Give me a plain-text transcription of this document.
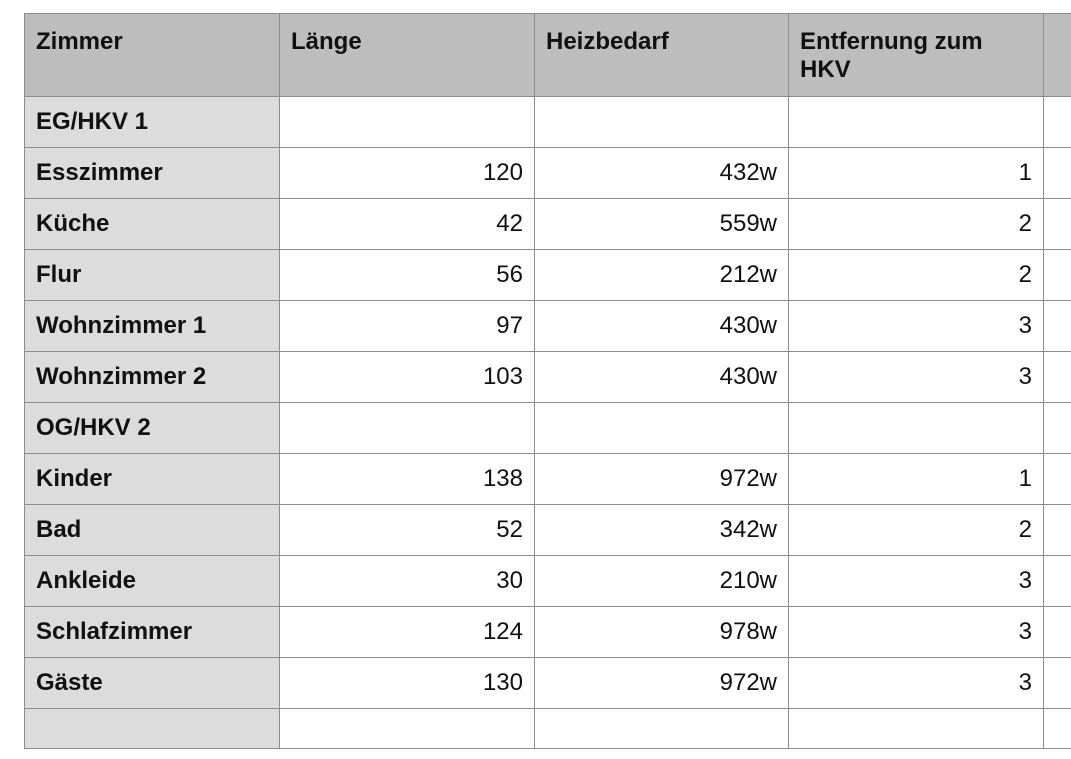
Zimmer	Länge	Heizbedarf	Entfernung zum HKV	
EG/HKV 1				
Esszimmer	120	432w	1	
Küche	42	559w	2	
Flur	56	212w	2	
Wohnzimmer 1	97	430w	3	
Wohnzimmer 2	103	430w	3	
OG/HKV 2				
Kinder	138	972w	1	
Bad	52	342w	2	
Ankleide	30	210w	3	
Schlafzimmer	124	978w	3	
Gäste	130	972w	3	
